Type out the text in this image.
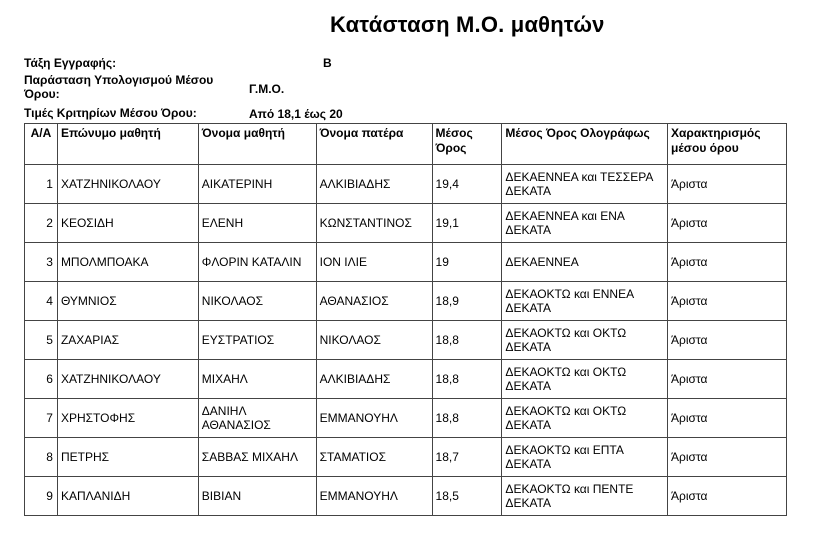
Κατάσταση Μ.Ο. μαθητών
Τάξη Εγγραφής:	Β
Παράσταση Υπολογισμού Μέσου Όρου:	Γ.Μ.Ο.
Τιμές Κριτηρίων Μέσου Όρου:	Από 18,1 έως 20
Α/Α	Επώνυμο μαθητή	Όνομα μαθητή	Όνομα πατέρα	Μέσος Όρος	Μέσος Όρος Ολογράφως	Χαρακτηρισμός μέσου όρου
1	ΧΑΤΖΗΝΙΚΟΛΑΟΥ	ΑΙΚΑΤΕΡΙΝΗ	ΑΛΚΙΒΙΑΔΗΣ	19,4	ΔΕΚΑΕΝΝΕΑ και ΤΕΣΣΕΡΑ ΔΕΚΑΤΑ	Άριστα
2	ΚΕΟΣΙΔΗ	ΕΛΕΝΗ	ΚΩΝΣΤΑΝΤΙΝΟΣ	19,1	ΔΕΚΑΕΝΝΕΑ και ΕΝΑ ΔΕΚΑΤΑ	Άριστα
3	ΜΠΟΛΜΠΟΑΚΑ	ΦΛΟΡΙΝ ΚΑΤΑΛΙΝ	ΙΟΝ ΙΛΙΕ	19	ΔΕΚΑΕΝΝΕΑ	Άριστα
4	ΘΥΜΝΙΟΣ	ΝΙΚΟΛΑΟΣ	ΑΘΑΝΑΣΙΟΣ	18,9	ΔΕΚΑΟΚΤΩ και ΕΝΝΕΑ ΔΕΚΑΤΑ	Άριστα
5	ΖΑΧΑΡΙΑΣ	ΕΥΣΤΡΑΤΙΟΣ	ΝΙΚΟΛΑΟΣ	18,8	ΔΕΚΑΟΚΤΩ και ΟΚΤΩ ΔΕΚΑΤΑ	Άριστα
6	ΧΑΤΖΗΝΙΚΟΛΑΟΥ	ΜΙΧΑΗΛ	ΑΛΚΙΒΙΑΔΗΣ	18,8	ΔΕΚΑΟΚΤΩ και ΟΚΤΩ ΔΕΚΑΤΑ	Άριστα
7	ΧΡΗΣΤΟΦΗΣ	ΔΑΝΙΗΛ ΑΘΑΝΑΣΙΟΣ	ΕΜΜΑΝΟΥΗΛ	18,8	ΔΕΚΑΟΚΤΩ και ΟΚΤΩ ΔΕΚΑΤΑ	Άριστα
8	ΠΕΤΡΗΣ	ΣΑΒΒΑΣ ΜΙΧΑΗΛ	ΣΤΑΜΑΤΙΟΣ	18,7	ΔΕΚΑΟΚΤΩ και ΕΠΤΑ ΔΕΚΑΤΑ	Άριστα
9	ΚΑΠΛΑΝΙΔΗ	ΒΙΒΙΑΝ	ΕΜΜΑΝΟΥΗΛ	18,5	ΔΕΚΑΟΚΤΩ και ΠΕΝΤΕ ΔΕΚΑΤΑ	Άριστα
